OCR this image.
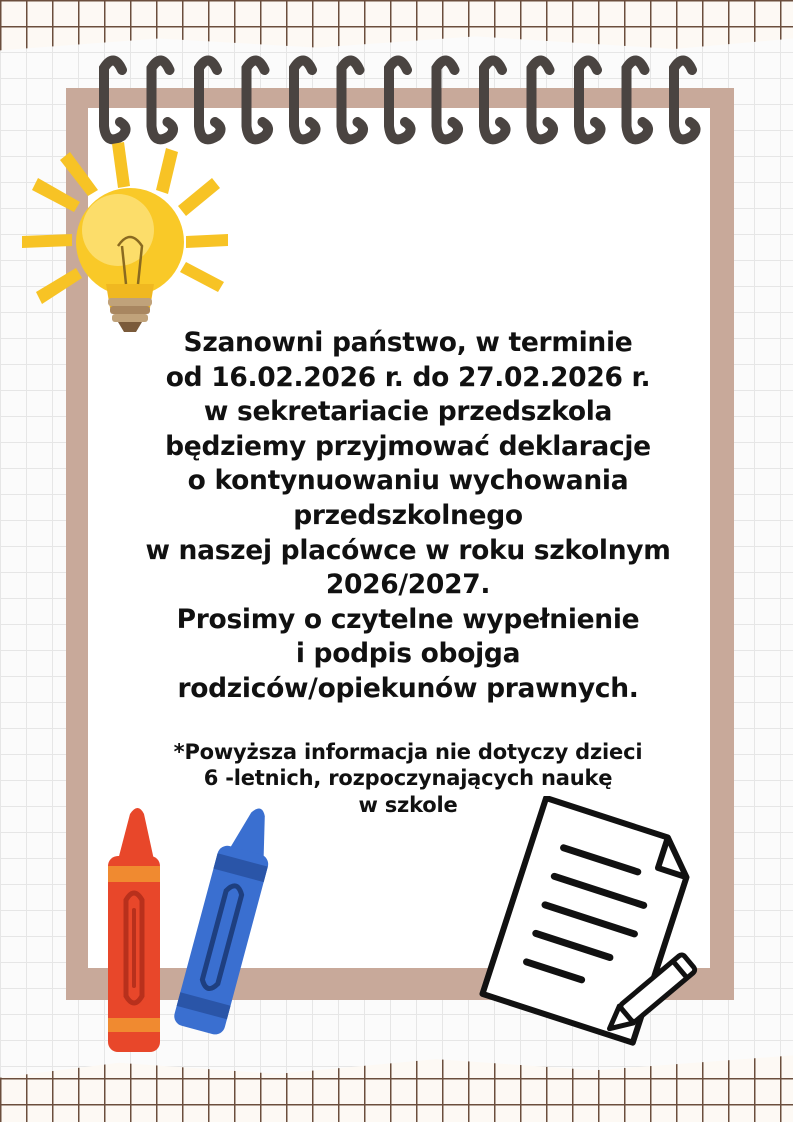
Szanowni państwo, w terminie
od 16.02.2026 r. do 27.02.2026 r.
w sekretariacie przedszkola
będziemy przyjmować deklaracje
o kontynuowaniu wychowania
przedszkolnego
w naszej placówce w roku szkolnym
2026/2027.
Prosimy o czytelne wypełnienie
i podpis obojga
rodziców/opiekunów prawnych.
*Powyższa informacja nie dotyczy dzieci
6 -letnich, rozpoczynających naukę
w szkole
